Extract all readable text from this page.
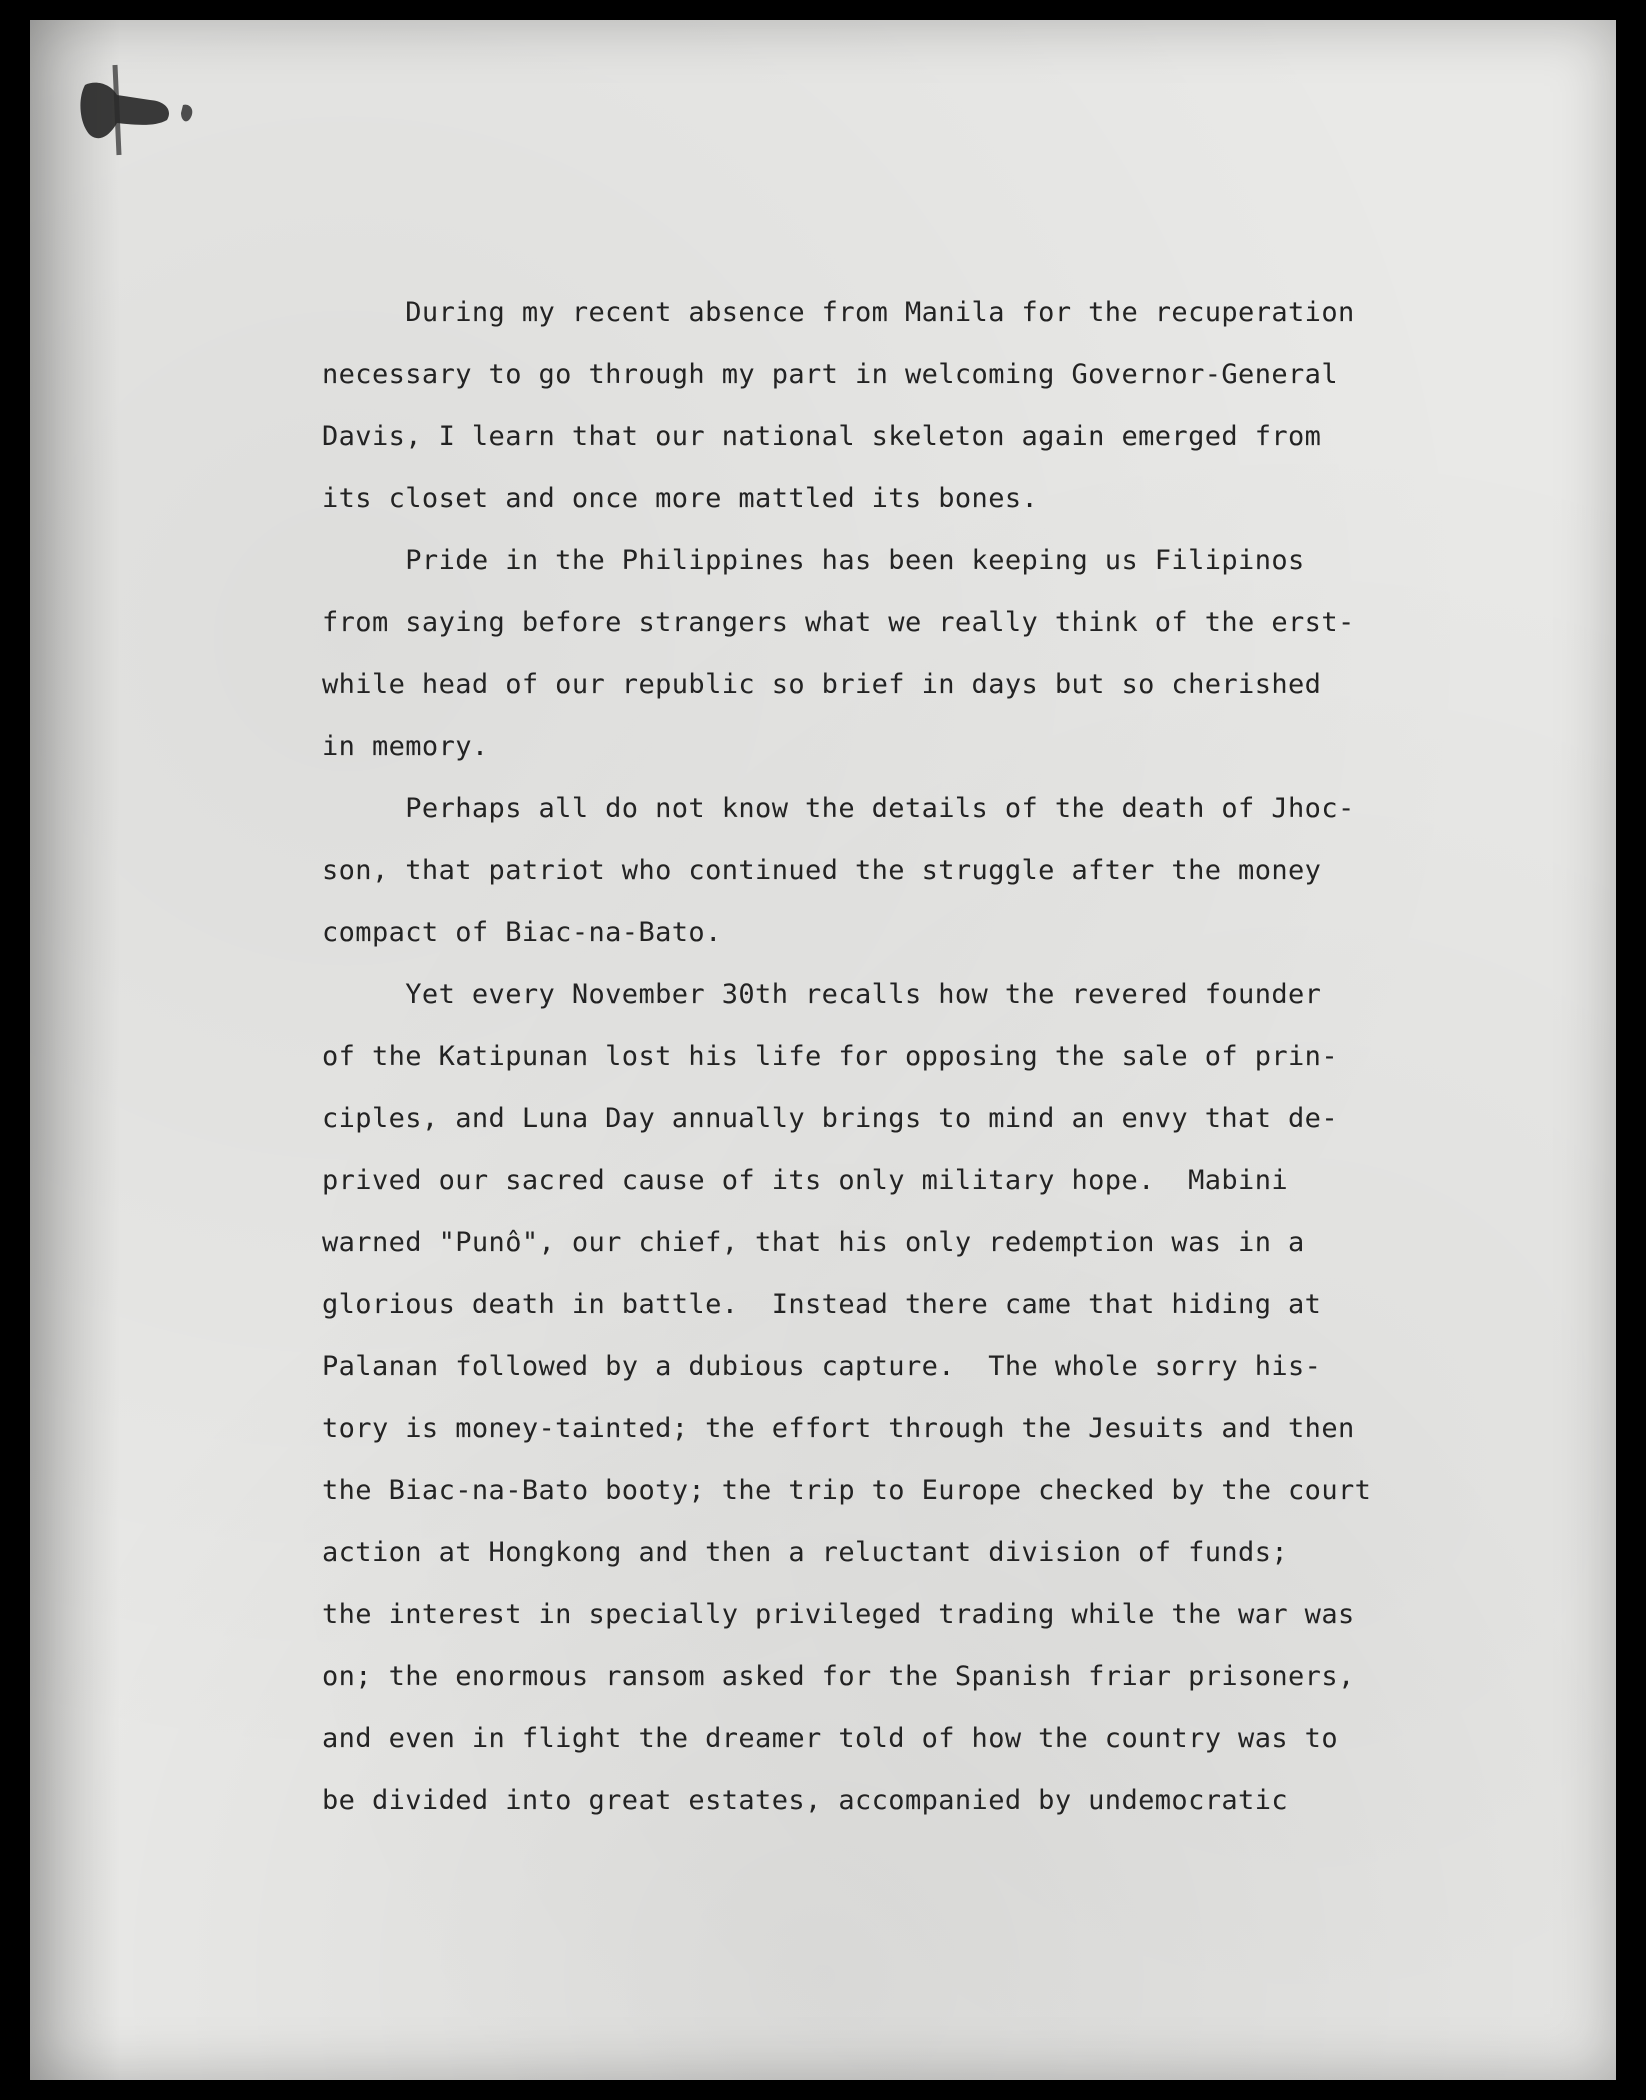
During my recent absence from Manila for the recuperation
necessary to go through my part in welcoming Governor-General
Davis, I learn that our national skeleton again emerged from
its closet and once more mattled its bones.
Pride in the Philippines has been keeping us Filipinos
from saying before strangers what we really think of the erst-
while head of our republic so brief in days but so cherished
in memory.
Perhaps all do not know the details of the death of Jhoc-
son, that patriot who continued the struggle after the money
compact of Biac-na-Bato.
Yet every November 30th recalls how the revered founder
of the Katipunan lost his life for opposing the sale of prin-
ciples, and Luna Day annually brings to mind an envy that de-
prived our sacred cause of its only military hope.  Mabini
warned "Punô", our chief, that his only redemption was in a
glorious death in battle.  Instead there came that hiding at
Palanan followed by a dubious capture.  The whole sorry his-
tory is money-tainted; the effort through the Jesuits and then
the Biac-na-Bato booty; the trip to Europe checked by the court
action at Hongkong and then a reluctant division of funds;
the interest in specially privileged trading while the war was
on; the enormous ransom asked for the Spanish friar prisoners,
and even in flight the dreamer told of how the country was to
be divided into great estates, accompanied by undemocratic
